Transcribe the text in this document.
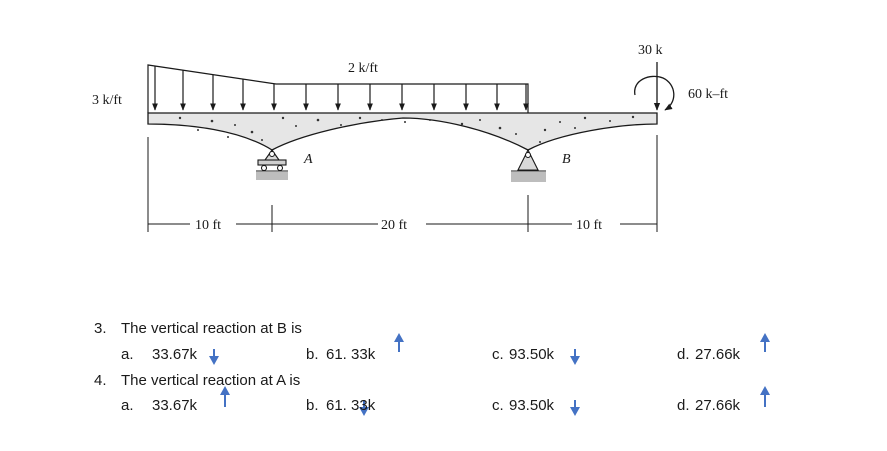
3 k/ft
2 k/ft
30 k
60 k–ft
A	B
10 ft	20 ft	10 ft
3. The vertical reaction at B is
a. 33.67k	b. 61. 33k	c. 93.50k	d. 27.66k
4. The vertical reaction at A is
a. 33.67k	b. 61. 33k	c. 93.50k	d. 27.66k
